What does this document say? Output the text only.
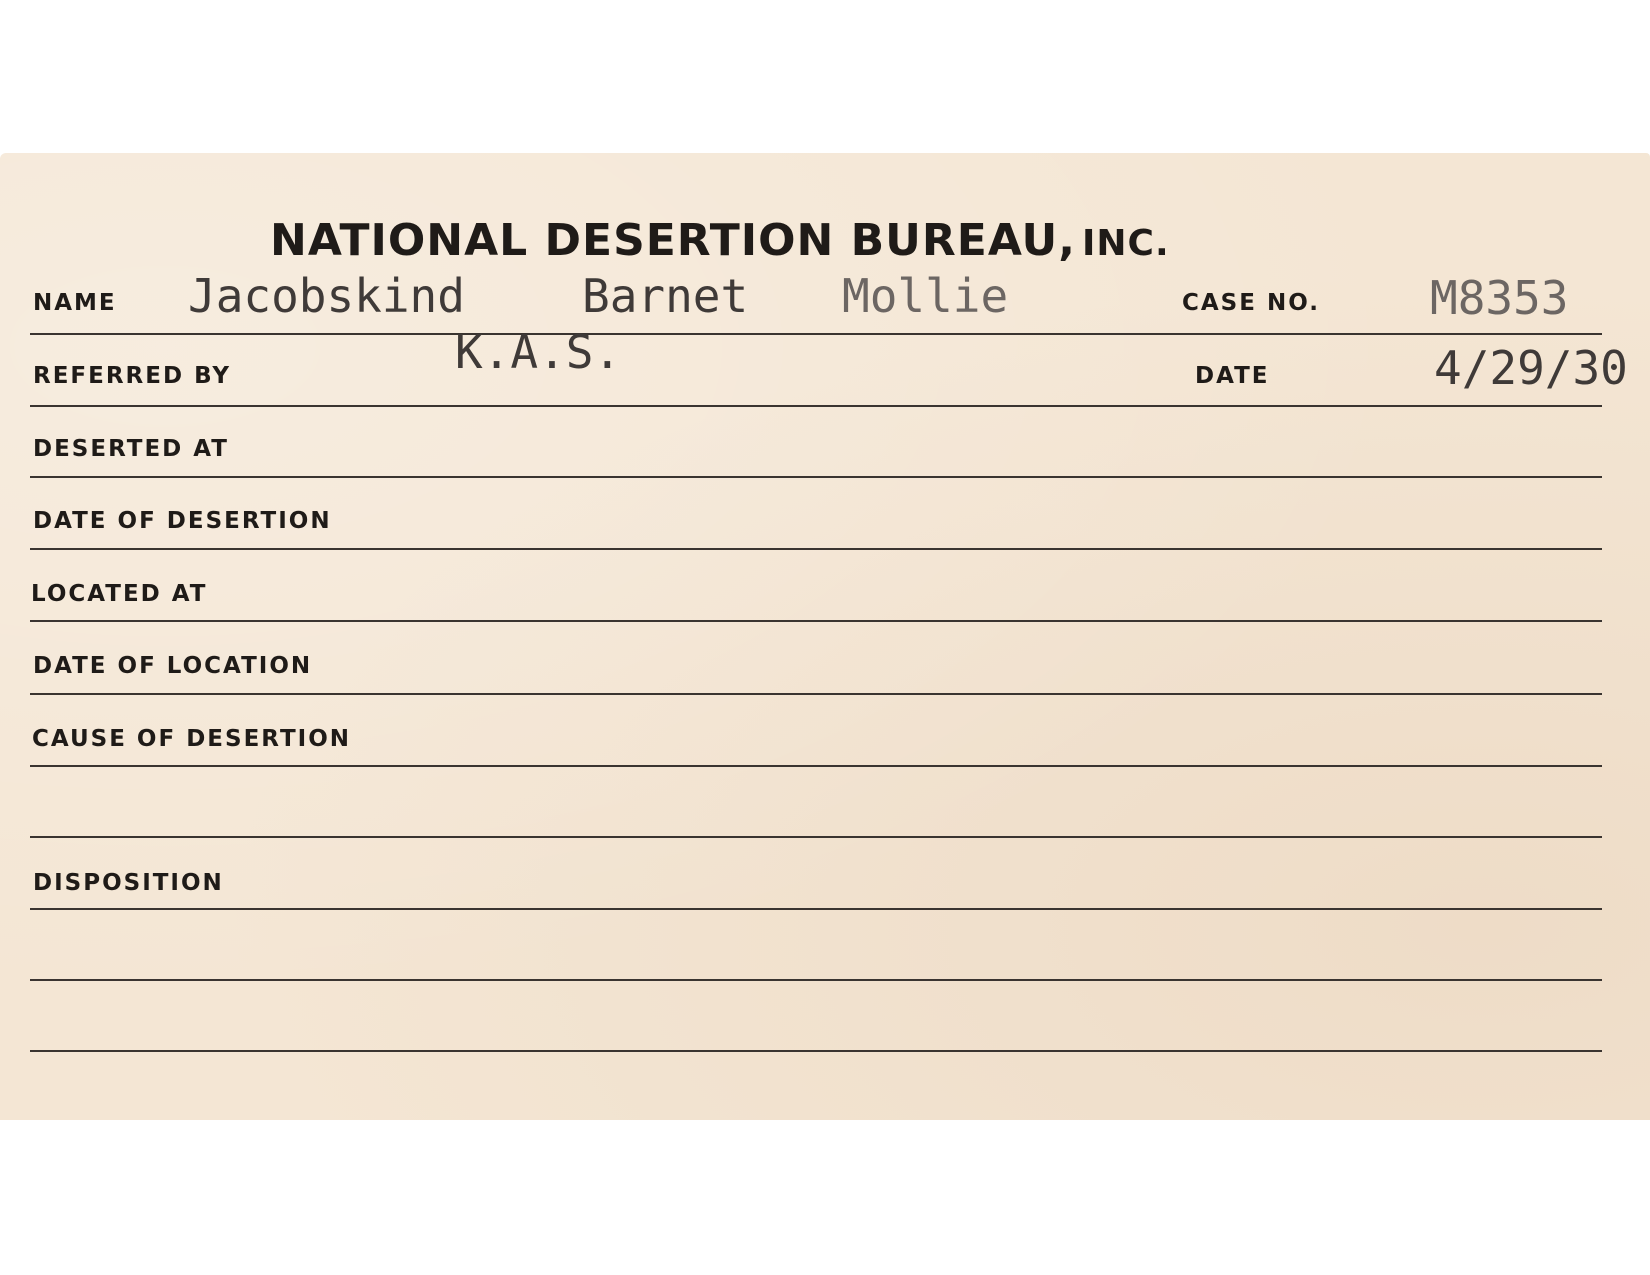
NATIONAL DESERTION BUREAU, INC.
NAME Jacobskind	Barnet Mollie	CASE NO. M8353
REFERRED BY	K.A.S.	DATE	4/29/30
DESERTED AT
DATE OF DESERTION
LOCATED AT
DATE OF LOCATION
CAUSE OF DESERTION
DISPOSITION
